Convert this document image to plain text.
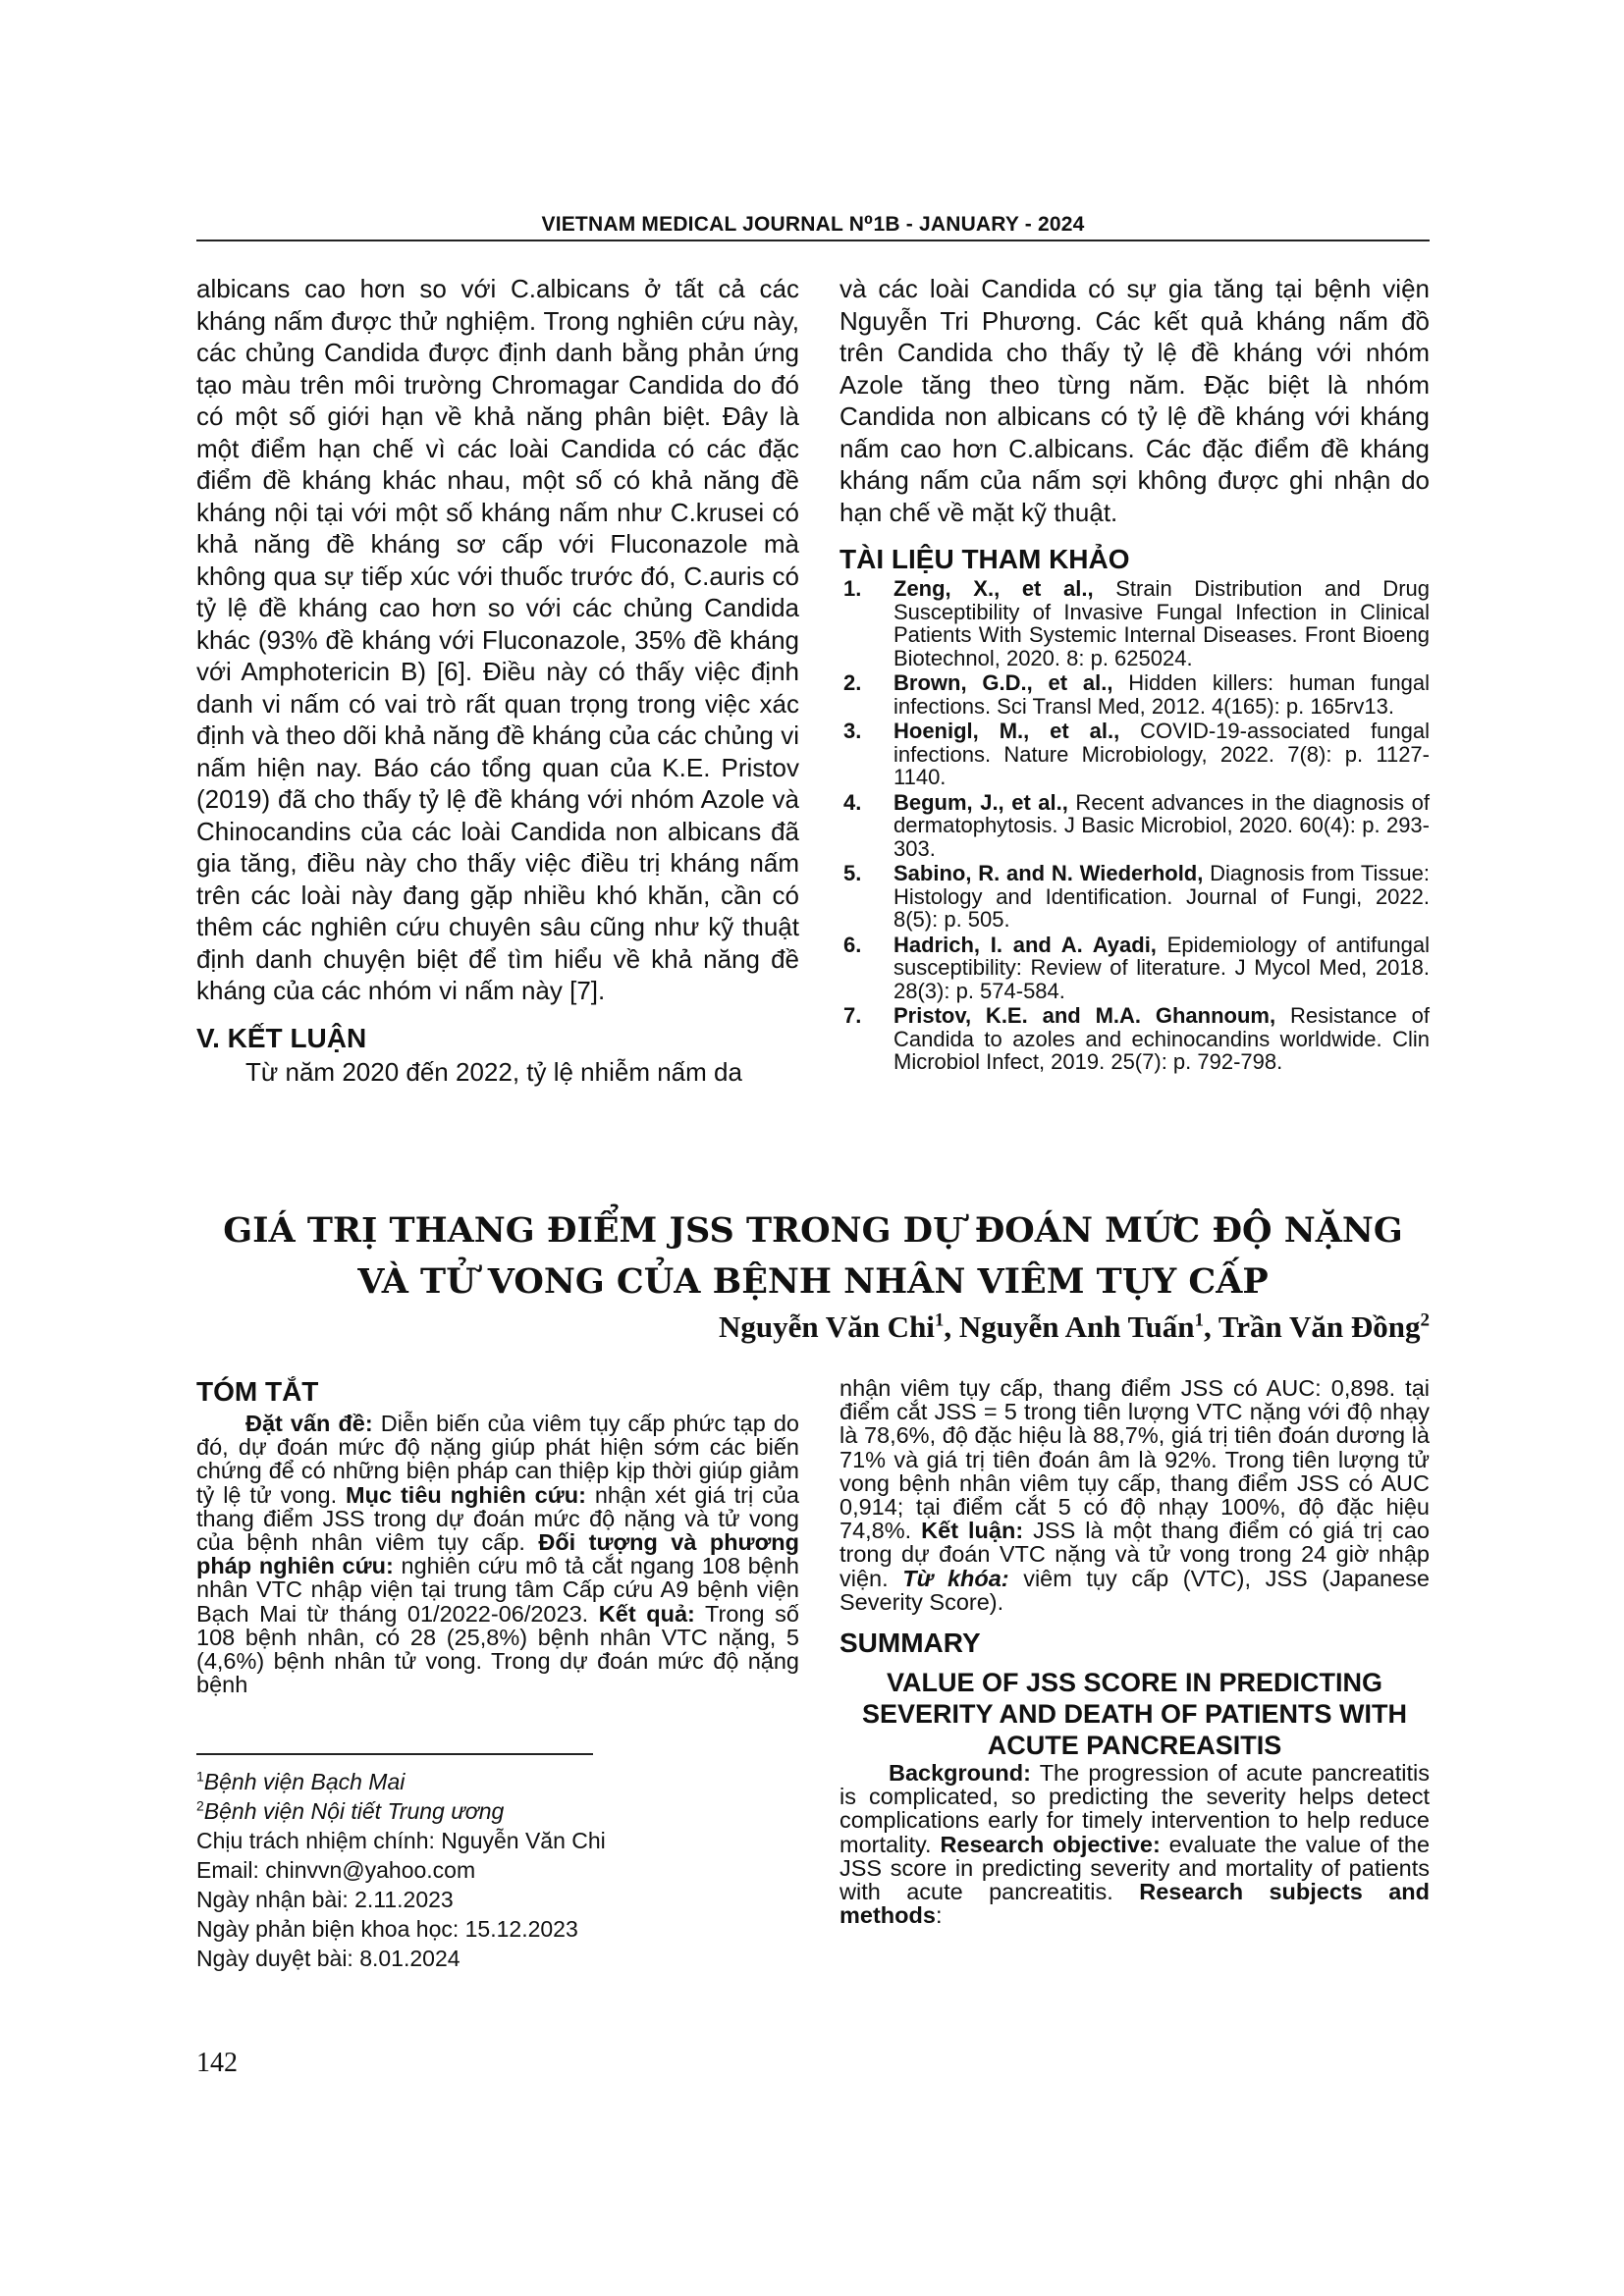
VIETNAM MEDICAL JOURNAL N⁰1B - JANUARY - 2024

albicans cao hơn so với C.albicans ở tất cả các kháng nấm được thử nghiệm. Trong nghiên cứu này, các chủng Candida được định danh bằng phản ứng tạo màu trên môi trường Chromagar Candida do đó có một số giới hạn về khả năng phân biệt. Đây là một điểm hạn chế vì các loài Candida có các đặc điểm đề kháng khác nhau, một số có khả năng đề kháng nội tại với một số kháng nấm như C.krusei có khả năng đề kháng sơ cấp với Fluconazole mà không qua sự tiếp xúc với thuốc trước đó, C.auris có tỷ lệ đề kháng cao hơn so với các chủng Candida khác (93% đề kháng với Fluconazole, 35% đề kháng với Amphotericin B) [6]. Điều này có thấy việc định danh vi nấm có vai trò rất quan trọng trong việc xác định và theo dõi khả năng đề kháng của các chủng vi nấm hiện nay. Báo cáo tổng quan của K.E. Pristov (2019) đã cho thấy tỷ lệ đề kháng với nhóm Azole và Chinocandins của các loài Candida non albicans đã gia tăng, điều này cho thấy việc điều trị kháng nấm trên các loài này đang gặp nhiều khó khăn, cần có thêm các nghiên cứu chuyên sâu cũng như kỹ thuật định danh chuyện biệt để tìm hiểu về khả năng đề kháng của các nhóm vi nấm này [7].

V. KẾT LUẬN

Từ năm 2020 đến 2022, tỷ lệ nhiễm nấm da

và các loài Candida có sự gia tăng tại bệnh viện Nguyễn Tri Phương. Các kết quả kháng nấm đồ trên Candida cho thấy tỷ lệ đề kháng với nhóm Azole tăng theo từng năm. Đặc biệt là nhóm Candida non albicans có tỷ lệ đề kháng với kháng nấm cao hơn C.albicans. Các đặc điểm đề kháng kháng nấm của nấm sợi không được ghi nhận do hạn chế về mặt kỹ thuật.

TÀI LIỆU THAM KHẢO

1. Zeng, X., et al., Strain Distribution and Drug Susceptibility of Invasive Fungal Infection in Clinical Patients With Systemic Internal Diseases. Front Bioeng Biotechnol, 2020. 8: p. 625024.
2. Brown, G.D., et al., Hidden killers: human fungal infections. Sci Transl Med, 2012. 4(165): p. 165rv13.
3. Hoenigl, M., et al., COVID-19-associated fungal infections. Nature Microbiology, 2022. 7(8): p. 1127-1140.
4. Begum, J., et al., Recent advances in the diagnosis of dermatophytosis. J Basic Microbiol, 2020. 60(4): p. 293-303.
5. Sabino, R. and N. Wiederhold, Diagnosis from Tissue: Histology and Identification. Journal of Fungi, 2022. 8(5): p. 505.
6. Hadrich, I. and A. Ayadi, Epidemiology of antifungal susceptibility: Review of literature. J Mycol Med, 2018. 28(3): p. 574-584.
7. Pristov, K.E. and M.A. Ghannoum, Resistance of Candida to azoles and echinocandins worldwide. Clin Microbiol Infect, 2019. 25(7): p. 792-798.
GIÁ TRỊ THANG ĐIỂM JSS TRONG DỰ ĐOÁN MỨC ĐỘ NẶNG
VÀ TỬ VONG CỦA BỆNH NHÂN VIÊM TỤY CẤP
Nguyễn Văn Chi$^1$, Nguyễn Anh Tuấn$^1$, Trần Văn Đồng$^2$

TÓM TẮT

Đặt vấn đề: Diễn biến của viêm tụy cấp phức tạp do đó, dự đoán mức độ nặng giúp phát hiện sớm các biến chứng để có những biện pháp can thiệp kịp thời giúp giảm tỷ lệ tử vong. Mục tiêu nghiên cứu: nhận xét giá trị của thang điểm JSS trong dự đoán mức độ nặng và tử vong của bệnh nhân viêm tụy cấp. Đối tượng và phương pháp nghiên cứu: nghiên cứu mô tả cắt ngang 108 bệnh nhân VTC nhập viện tại trung tâm Cấp cứu A9 bệnh viện Bạch Mai từ tháng 01/2022-06/2023. Kết quả: Trong số 108 bệnh nhân, có 28 (25,8%) bệnh nhân VTC nặng, 5 (4,6%) bệnh nhân tử vong. Trong dự đoán mức độ nặng bệnh

nhận viêm tụy cấp, thang điểm JSS có AUC: 0,898. tại điểm cắt JSS = 5 trong tiên lượng VTC nặng với độ nhạy là 78,6%, độ đặc hiệu là 88,7%, giá trị tiên đoán dương là 71% và giá trị tiên đoán âm là 92%. Trong tiên lượng tử vong bệnh nhân viêm tụy cấp, thang điểm JSS có AUC 0,914; tại điểm cắt 5 có độ nhạy 100%, độ đặc hiệu 74,8%. Kết luận: JSS là một thang điểm có giá trị cao trong dự đoán VTC nặng và tử vong trong 24 giờ nhập viện. Từ khóa: viêm tụy cấp (VTC), JSS (Japanese Severity Score).

SUMMARY

VALUE OF JSS SCORE IN PREDICTING SEVERITY AND DEATH OF PATIENTS WITH ACUTE PANCREASITIS

Background: The progression of acute pancreatitis is complicated, so predicting the severity helps detect complications early for timely intervention to help reduce mortality. Research objective: evaluate the value of the JSS score in predicting severity and mortality of patients with acute pancreatitis. Research subjects and methods:

$^1$Bệnh viện Bạch Mai
$^2$Bệnh viện Nội tiết Trung ương
Chịu trách nhiệm chính: Nguyễn Văn Chi
Email: chinvvn@yahoo.com
Ngày nhận bài: 2.11.2023
Ngày phản biện khoa học: 15.12.2023
Ngày duyệt bài: 8.01.2024
142
